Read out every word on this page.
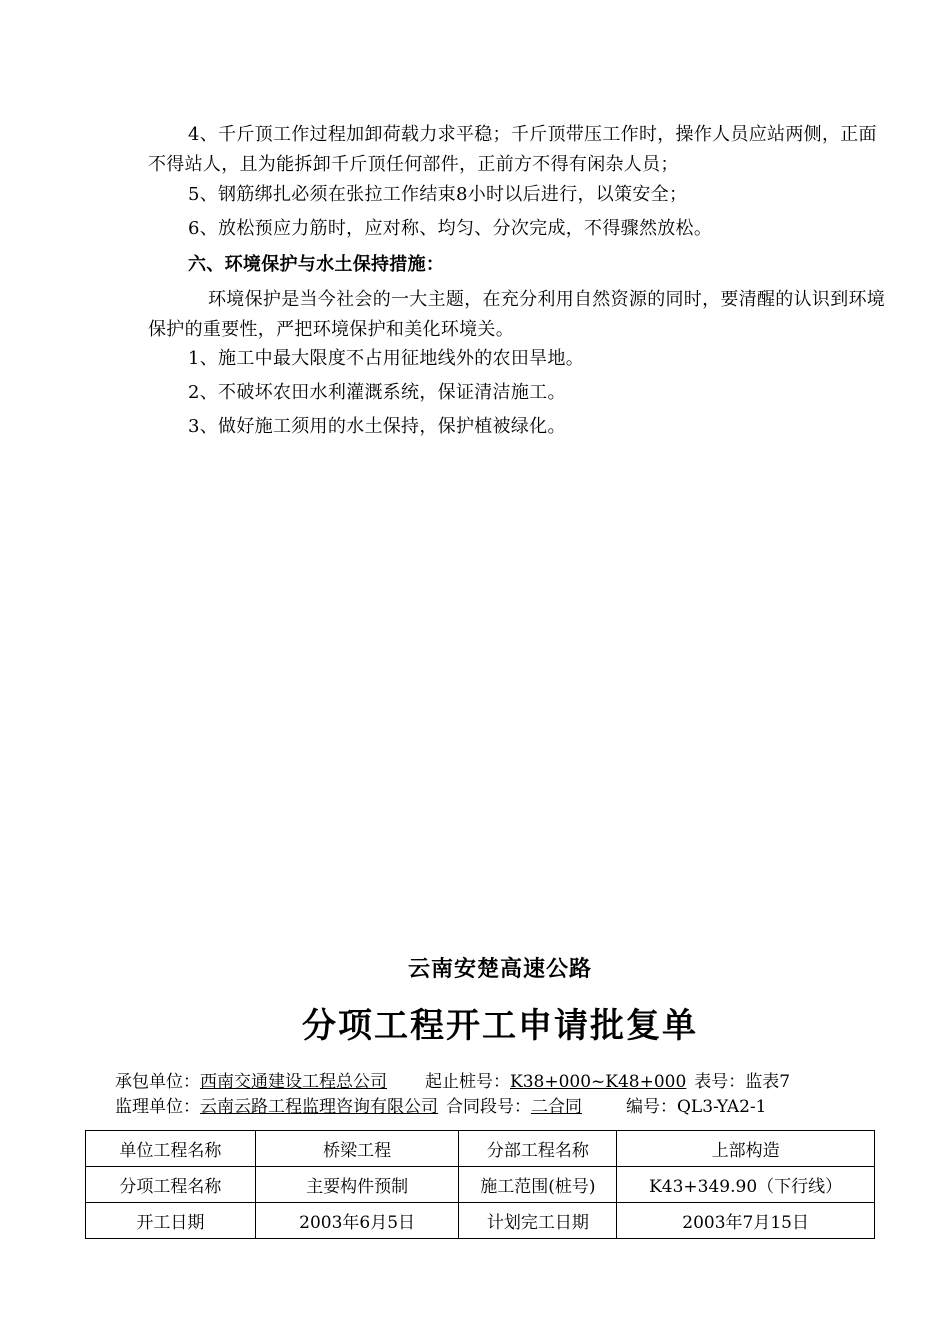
4、千斤顶工作过程加卸荷载力求平稳；千斤顶带压工作时，操作人员应站两侧，正面不得站人，且为能拆卸千斤顶任何部件，正前方不得有闲杂人员；

5、钢筋绑扎必须在张拉工作结束8小时以后进行，以策安全；

6、放松预应力筋时，应对称、均匀、分次完成，不得骤然放松。

六、环境保护与水土保持措施：

环境保护是当今社会的一大主题，在充分利用自然资源的同时，要清醒的认识到环境保护的重要性，严把环境保护和美化环境关。

1、施工中最大限度不占用征地线外的农田旱地。

2、不破坏农田水利灌溉系统，保证清洁施工。

3、做好施工须用的水土保持，保护植被绿化。

云南安楚高速公路
分项工程开工申请批复单
承包单位：西南交通建设工程总公司 起止桩号：K38+000~K48+000 表号：监表7
监理单位：云南云路工程监理咨询有限公司 合同段号：二合同	编号：QL3-YA2-1
单位工程名称	桥梁工程	分部工程名称	上部构造
分项工程名称	主要构件预制	施工范围(桩号)	K43+349.90（下行线）
开工日期	2003年6月5日	计划完工日期	2003年7月15日
